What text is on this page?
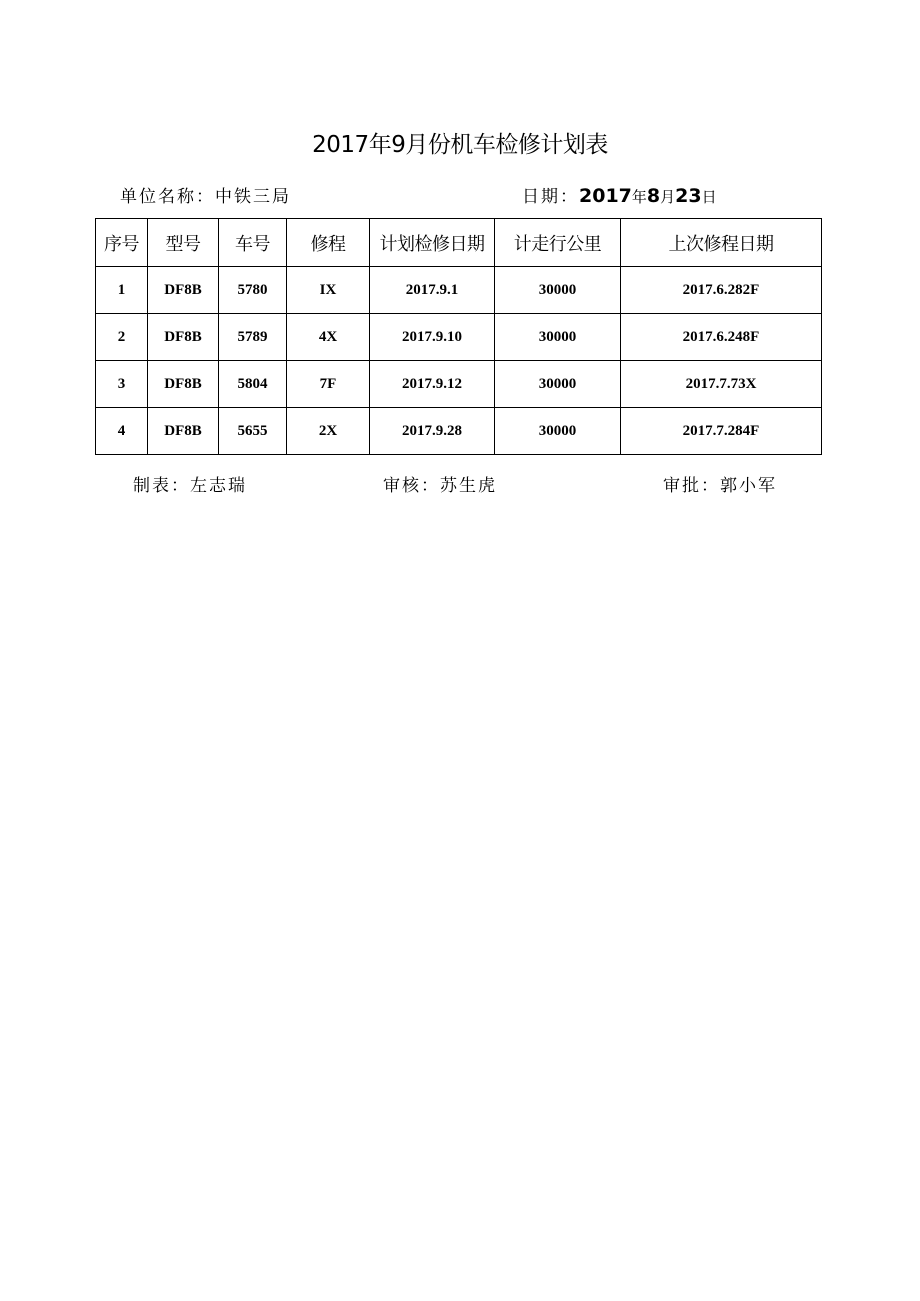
2017年9月份机车检修计划表
单位名称：中铁三局	日期：2017年8月23日
序号	型号	车号	修程	计划检修日期	计走行公里	上次修程日期
1	DF8B	5780	IX	2017.9.1	30000	2017.6.282F
2	DF8B	5789	4X	2017.9.10	30000	2017.6.248F
3	DF8B	5804	7F	2017.9.12	30000	2017.7.73X
4	DF8B	5655	2X	2017.9.28	30000	2017.7.284F
制表：左志瑞	审核：苏生虎	审批：郭小军
